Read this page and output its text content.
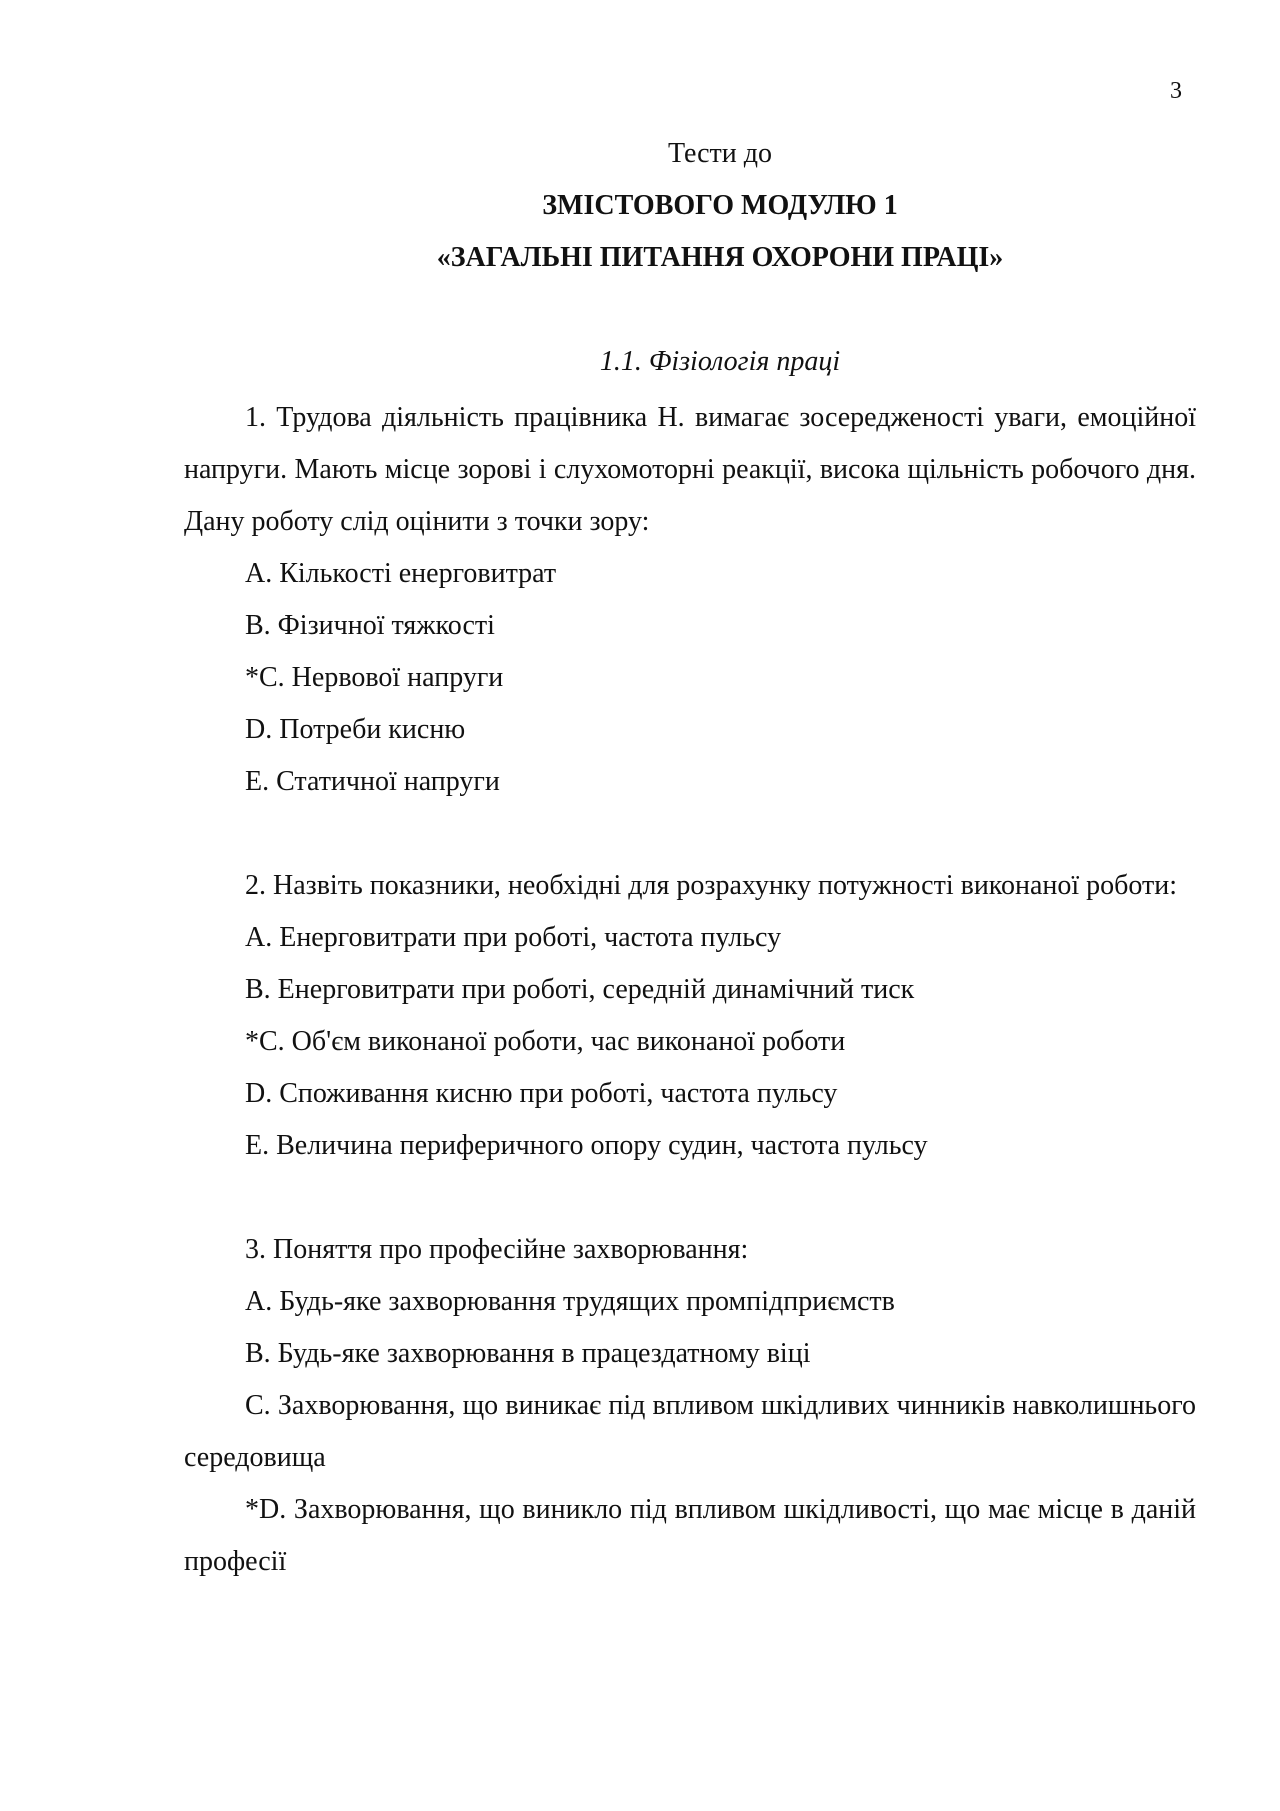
3
Тести до
ЗМІСТОВОГО МОДУЛЮ 1
«ЗАГАЛЬНІ ПИТАННЯ ОХОРОНИ ПРАЦІ»
1.1. Фізіологія праці

1. Трудова діяльність працівника Н. вимагає зосередженості уваги, емоційної напруги. Мають місце зорові і слухомоторні реакції, висока щільність робочого дня. Дану роботу слід оцінити з точки зору:

А. Кількості енерговитрат

В. Фізичної тяжкості

*С. Нервової напруги

D. Потреби кисню

Е. Статичної напруги

2. Назвіть показники, необхідні для розрахунку потужності виконаної роботи:

А. Енерговитрати при роботі, частота пульсу

В. Енерговитрати при роботі, середній динамічний тиск

*С. Об'єм виконаної роботи, час виконаної роботи

D. Споживання кисню при роботі, частота пульсу

Е. Величина периферичного опору судин, частота пульсу

3. Поняття про професійне захворювання:

А. Будь-яке захворювання трудящих промпідприємств

В. Будь-яке захворювання в працездатному віці

С. Захворювання, що виникає під впливом шкідливих чинників навколишнього середовища

*D. Захворювання, що виникло під впливом шкідливості, що має місце в даній професії
